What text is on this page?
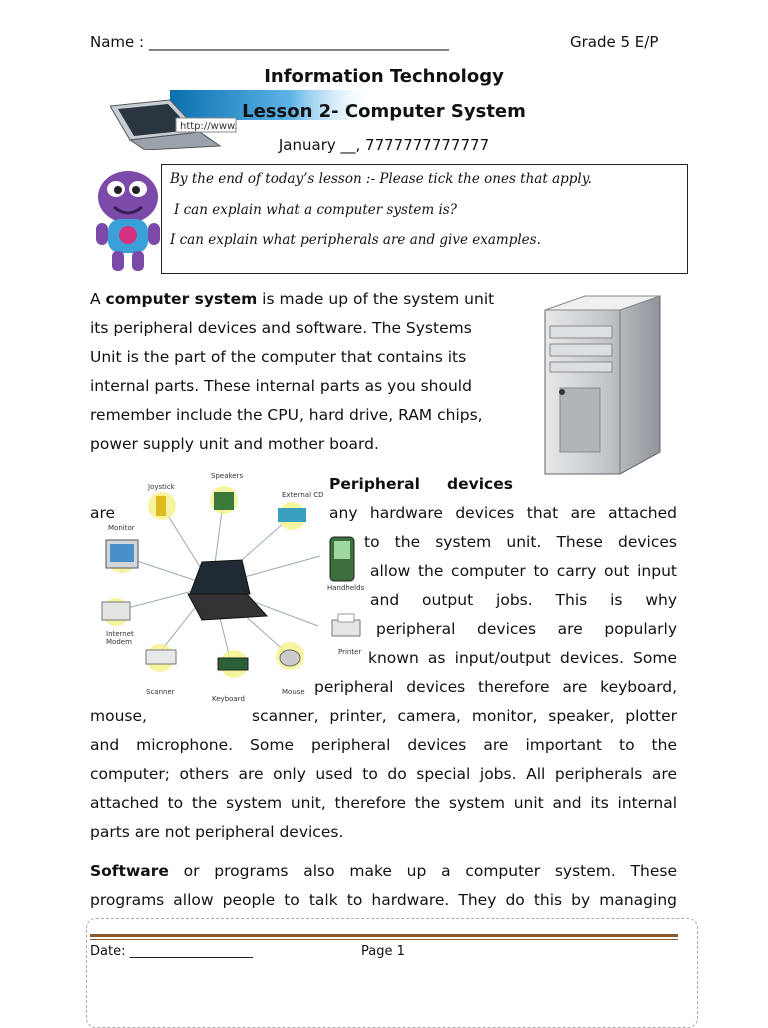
Name : ________________________________________	Grade 5 E/P
http://www.
Information Technology
Lesson 2- Computer System
January __, 7777777777777
By the end of today’s lesson :- Please tick the ones that apply.
I can explain what a computer system is?
I can explain what peripherals are and give examples.
A computer system is made up of the system unit
its peripheral devices and software. The Systems
Unit is the part of the computer that contains its
internal parts. These internal parts as you should
remember include the CPU, hard drive, RAM chips,
power supply unit and mother board.
Speakers
Joystick
External CD
Monitor
Handhelds
Internet Modem
Printer
Scanner
Keyboard
Mouse
Peripheral devices
are	any hardware devices that are attached
to the system unit. These devices
allow the computer to carry out input
and output jobs. This is why
peripheral devices are popularly
known as input/output devices. Some
peripheral devices therefore are keyboard,
mouse,	scanner, printer, camera, monitor, speaker, plotter
and microphone. Some peripheral devices are important to the
computer; others are only used to do special jobs. All peripherals are
attached to the system unit, therefore the system unit and its internal
parts are not peripheral devices.
Software or programs also make up a computer system. These
programs allow people to talk to hardware. They do this by managing
Date: ___________________	Page 1
